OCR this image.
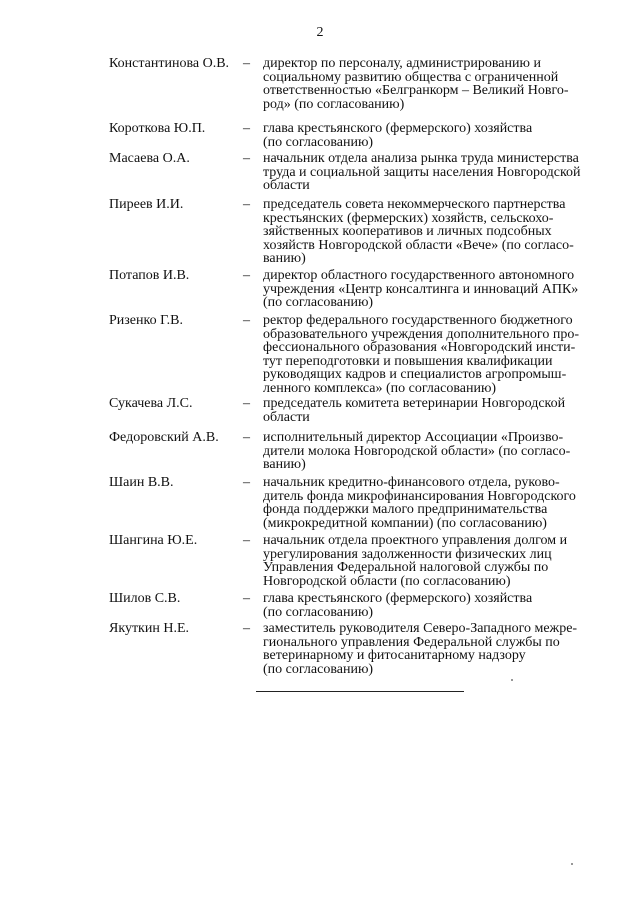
2
Константинова О.В. – директор по персоналу, администрированию и
социальному развитию общества с ограниченной
ответственностью «Белгранкорм – Великий Новго-
род» (по согласованию)
Короткова Ю.П.	– глава крестьянского (фермерского) хозяйства
(по согласованию)
Масаева О.А.	– начальник отдела анализа рынка труда министерства
труда и социальной защиты населения Новгородской
области
Пиреев И.И.	– председатель совета некоммерческого партнерства
крестьянских (фермерских) хозяйств, сельскохо-
зяйственных кооперативов и личных подсобных
хозяйств Новгородской области «Вече» (по согласо-
ванию)
Потапов И.В.	– директор областного государственного автономного
учреждения «Центр консалтинга и инноваций АПК»
(по согласованию)
Ризенко Г.В.	– ректор федерального государственного бюджетного
образовательного учреждения дополнительного про-
фессионального образования «Новгородский инсти-
тут переподготовки и повышения квалификации
руководящих кадров и специалистов агропромыш-
ленного комплекса» (по согласованию)
Сукачева Л.С.	– председатель комитета ветеринарии Новгородской
области
Федоровский А.В.	– исполнительный директор Ассоциации «Произво-
дители молока Новгородской области» (по согласо-
ванию)
Шаин В.В.	– начальник кредитно-финансового отдела, руково-
дитель фонда микрофинансирования Новгородского
фонда поддержки малого предпринимательства
(микрокредитной компании) (по согласованию)
Шангина Ю.Е.	– начальник отдела проектного управления долгом и
урегулирования задолженности физических лиц
Управления Федеральной налоговой службы по
Новгородской области (по согласованию)
Шилов С.В.	– глава крестьянского (фермерского) хозяйства
(по согласованию)
Якуткин Н.Е.	– заместитель руководителя Северо-Западного межре-
гионального управления Федеральной службы по
ветеринарному и фитосанитарному надзору
(по согласованию)
